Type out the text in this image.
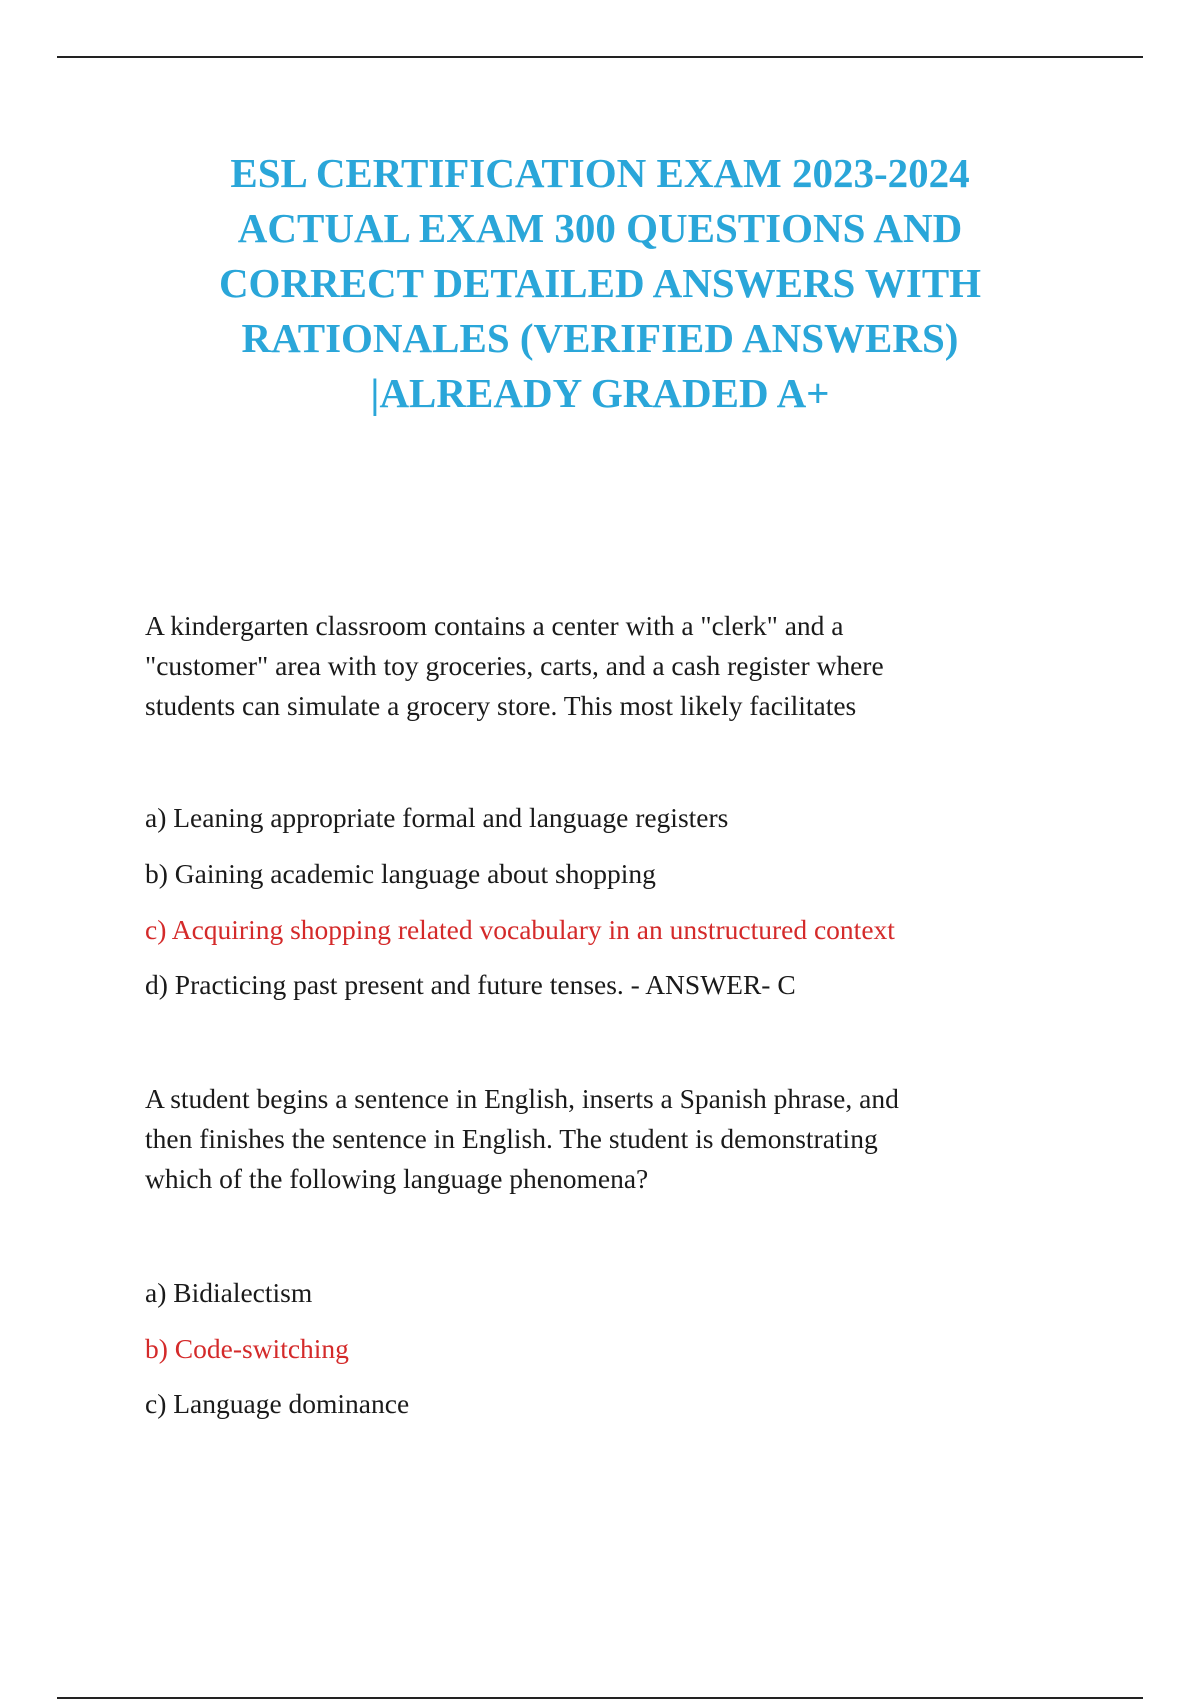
ESL CERTIFICATION EXAM 2023-2024
ACTUAL EXAM 300 QUESTIONS AND
CORRECT DETAILED ANSWERS WITH
RATIONALES (VERIFIED ANSWERS)
|ALREADY GRADED A+
A kindergarten classroom contains a center with a "clerk" and a
"customer" area with toy groceries, carts, and a cash register where
students can simulate a grocery store. This most likely facilitates
a) Leaning appropriate formal and language registers
b) Gaining academic language about shopping
c) Acquiring shopping related vocabulary in an unstructured context
d) Practicing past present and future tenses. - ANSWER- C
A student begins a sentence in English, inserts a Spanish phrase, and
then finishes the sentence in English. The student is demonstrating
which of the following language phenomena?
a) Bidialectism
b) Code-switching
c) Language dominance
